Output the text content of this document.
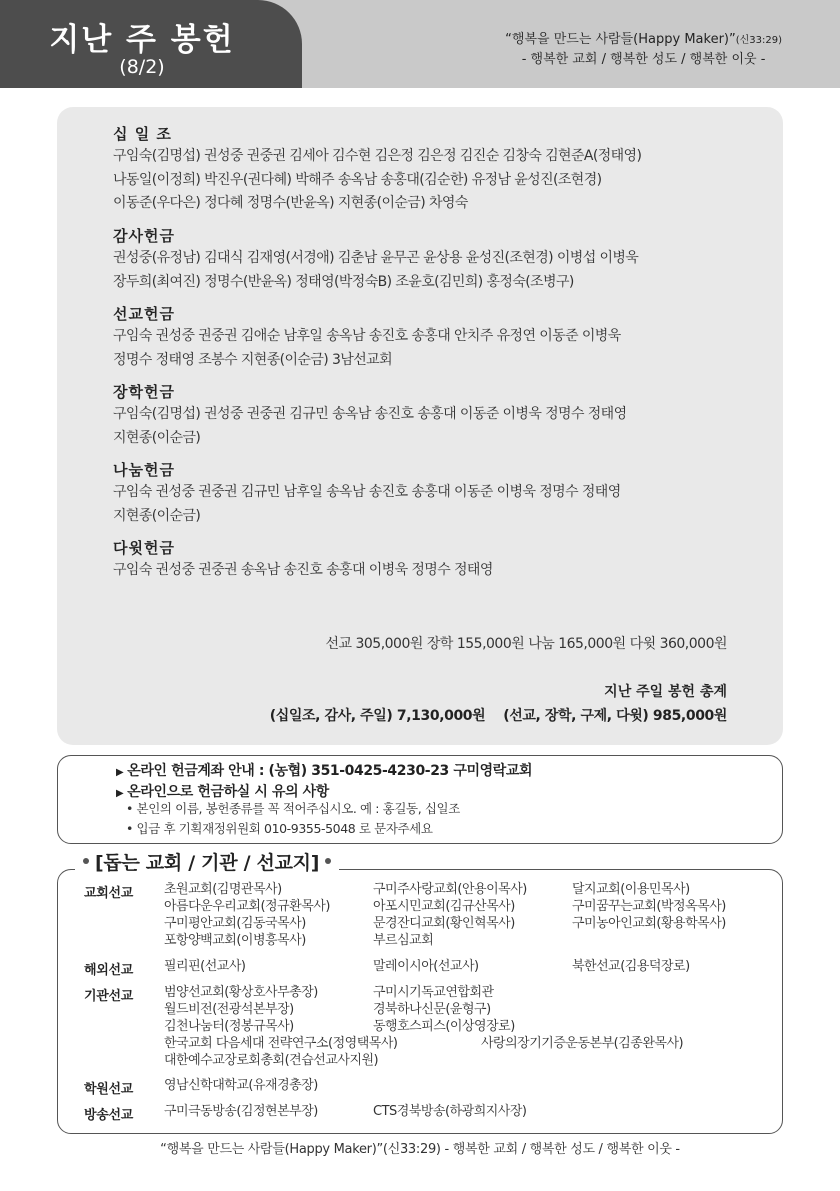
지난 주 봉헌
(8/2)
“행복을 만드는 사람들(Happy Maker)”(신33:29)
- 행복한 교회 / 행복한 성도 / 행복한 이웃 -
십 일 조
구임숙(김명섭) 권성중 권중권 김세아 김수현 김은정 김은정 김진순 김창숙 김현준A(정태영)
나동일(이정희) 박진우(권다혜) 박해주 송옥남 송홍대(김순한) 유정남 윤성진(조현경)
이동준(우다은) 정다혜 정명수(반윤옥) 지현종(이순금) 차영숙
감사헌금
권성중(유정남) 김대식 김재영(서경애) 김춘남 윤무곤 윤상용 윤성진(조현경) 이병섭 이병욱
장두희(최여진) 정명수(반윤옥) 정태영(박정숙B) 조윤호(김민희) 홍정숙(조병구)
선교헌금
구임숙 권성중 권중권 김애순 남후일 송옥남 송진호 송홍대 안치주 유정연 이동준 이병욱
정명수 정태영 조봉수 지현종(이순금) 3남선교회
장학헌금
구임숙(김명섭) 권성중 권중권 김규민 송옥남 송진호 송홍대 이동준 이병욱 정명수 정태영
지현종(이순금)
나눔헌금
구임숙 권성중 권중권 김규민 남후일 송옥남 송진호 송홍대 이동준 이병욱 정명수 정태영
지현종(이순금)
다윗헌금
구임숙 권성중 권중권 송옥남 송진호 송홍대 이병욱 정명수 정태영
선교 305,000원 장학 155,000원 나눔 165,000원 다윗 360,000원
지난 주일 봉헌 총계
(십일조, 감사, 주일) 7,130,000원 (선교, 장학, 구제, 다윗) 985,000원
▶ 온라인 헌금계좌 안내 : (농협) 351-0425-4230-23 구미영락교회
▶ 온라인으로 헌금하실 시 유의 사항
• 본인의 이름, 봉헌종류를 꼭 적어주십시오. 예 : 홍길동, 십일조
• 입금 후 기획재정위원회 010-9355-5048 로 문자주세요
[돕는 교회 / 기관 / 선교지]
교회선교 초원교회(김명관목사)	구미주사랑교회(안용이목사)	달지교회(이용민목사)
아름다운우리교회(정규환목사)	아포시민교회(김규산목사)	구미꿈꾸는교회(박정옥목사)
구미평안교회(김동국목사)	문경잔디교회(황인혁목사)	구미농아인교회(황용학목사)
포항양백교회(이병흥목사)	부르심교회
해외선교 필리핀(선교사)	말레이시아(선교사)	북한선교(김용덕장로)
기관선교 범양선교회(황상호사무총장)	구미시기독교연합회관
월드비전(전광석본부장)	경북하나신문(윤형구)
김천나눔터(정봉규목사)	동행호스피스(이상영장로)
한국교회 다음세대 전략연구소(정영택목사)	사랑의장기기증운동본부(김종완목사)
대한예수교장로회총회(견습선교사지원)
학원선교 영남신학대학교(유재경총장)
방송선교 구미극동방송(김정현본부장)	CTS경북방송(하광희지사장)
“행복을 만드는 사람들(Happy Maker)”(신33:29) - 행복한 교회 / 행복한 성도 / 행복한 이웃 -
